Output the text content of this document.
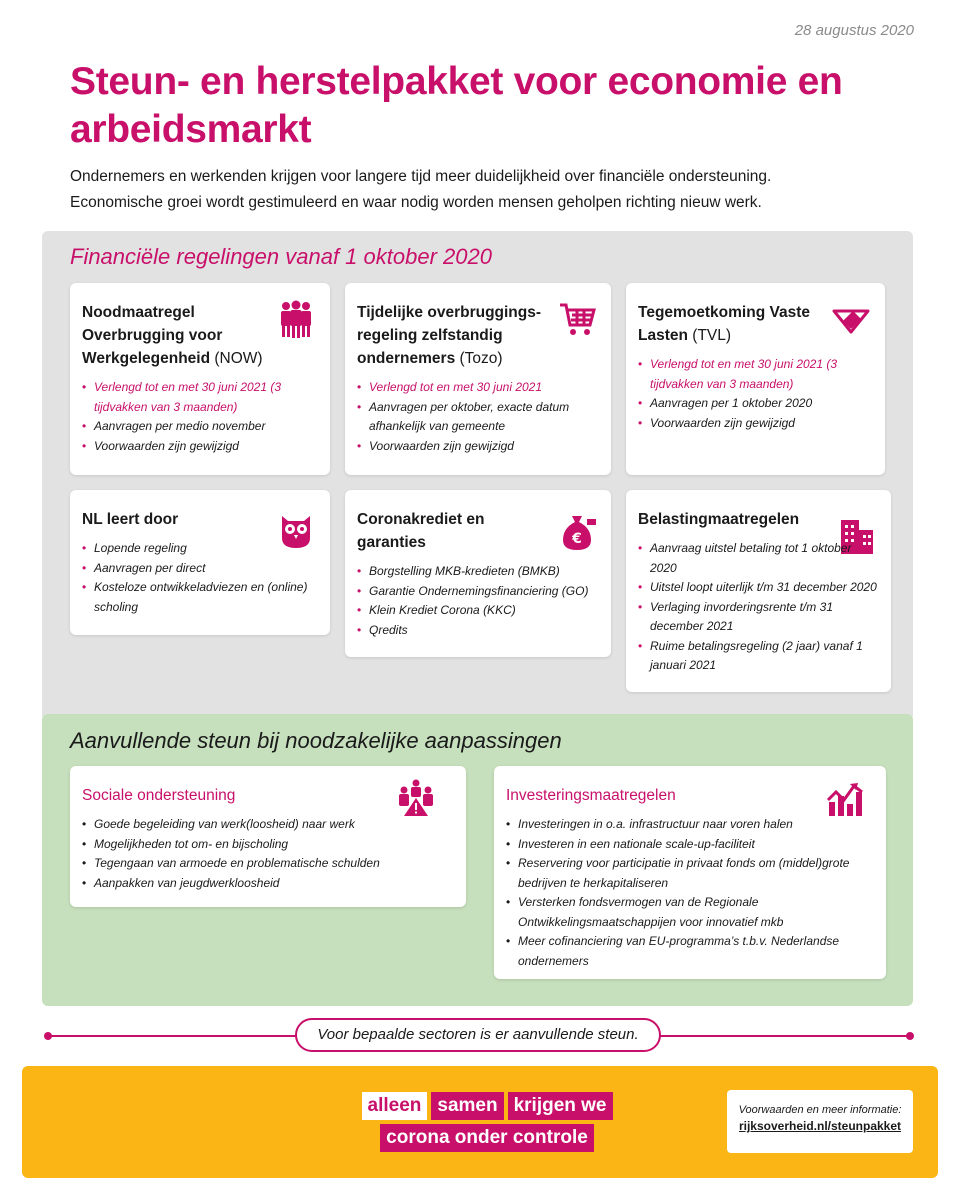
28 augustus 2020
Steun- en herstelpakket voor economie en arbeidsmarkt
Ondernemers en werkenden krijgen voor langere tijd meer duidelijkheid over financiële ondersteuning.
Economische groei wordt gestimuleerd en waar nodig worden mensen geholpen richting nieuw werk.
Financiële regelingen vanaf 1 oktober 2020
Noodmaatregel Overbrugging voor Werkgelegenheid (NOW)
• Verlengd tot en met 30 juni 2021 (3 tijdvakken van 3 maanden)
• Aanvragen per medio november
• Voorwaarden zijn gewijzigd
Tijdelijke overbruggings-regeling zelfstandig ondernemers (Tozo)
• Verlengd tot en met 30 juni 2021
• Aanvragen per oktober, exacte datum afhankelijk van gemeente
• Voorwaarden zijn gewijzigd
Tegemoetkoming Vaste Lasten (TVL)
• Verlengd tot en met 30 juni 2021 (3 tijdvakken van 3 maanden)
• Aanvragen per 1 oktober 2020
• Voorwaarden zijn gewijzigd
NL leert door
• Lopende regeling
• Aanvragen per direct
• Kosteloze ontwikkeladviezen en (online) scholing
Coronakrediet en garanties	€
• Borgstelling MKB-kredieten (BMKB)
• Garantie Ondernemingsfinanciering (GO)
• Klein Krediet Corona (KKC)
• Qredits
Belastingmaatregelen
• Aanvraag uitstel betaling tot 1 oktober 2020
• Uitstel loopt uiterlijk t/m 31 december 2020
• Verlaging invorderingsrente t/m 31 december 2021
• Ruime betalingsregeling (2 jaar) vanaf 1 januari 2021
Aanvullende steun bij noodzakelijke aanpassingen
Sociale ondersteuning
• Goede begeleiding van werk(loosheid) naar werk
• Mogelijkheden tot om- en bijscholing
• Tegengaan van armoede en problematische schulden
• Aanpakken van jeugdwerkloosheid
Investeringsmaatregelen
• Investeringen in o.a. infrastructuur naar voren halen
• Investeren in een nationale scale-up-faciliteit
• Reservering voor participatie in privaat fonds om (middel)grote bedrijven te herkapitaliseren
• Versterken fondsvermogen van de Regionale Ontwikkelingsmaatschappijen voor innovatief mkb
• Meer cofinanciering van EU-programma’s t.b.v. Nederlandse ondernemers
Voor bepaalde sectoren is er aanvullende steun.
alleen samen krijgen we
corona onder controle
Voorwaarden en meer informatie:
rijksoverheid.nl/steunpakket
